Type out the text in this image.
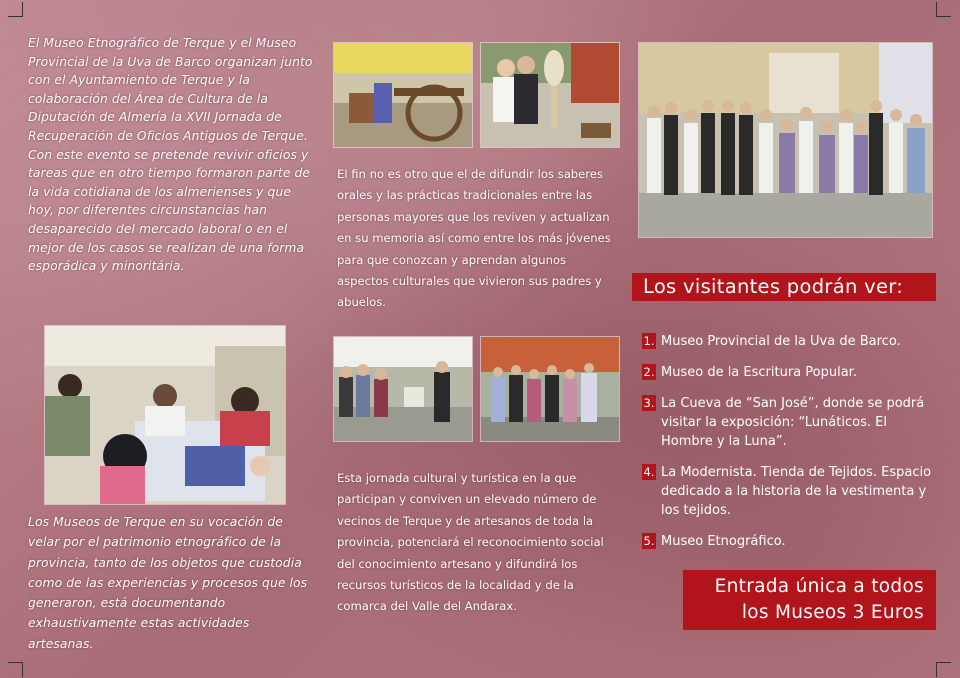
El Museo Etnográfico de Terque y el Museo Provincial de la Uva de Barco organizan junto con el Ayuntamiento de Terque y la colaboración del Área de Cultura de la Diputación de Almería la XVII Jornada de Recuperación de Oficios Antiguos de Terque.

Con este evento se pretende revivir oficios y tareas que en otro tiempo formaron parte de la vida cotidiana de los almerienses y que hoy, por diferentes circunstancias han desaparecido del mercado laboral o en el mejor de los casos se realizan de una forma esporádica y minoritária.

Los Museos de Terque en su vocación de velar por el patrimonio etnográfico de la provincia, tanto de los objetos que custodia como de las experiencias y procesos que los generaron, está documentando exhaustivamente estas actividades artesanas.

El fin no es otro que el de difundir los saberes orales y las prácticas tradicionales entre las personas mayores que los reviven y actualizan en su memoria así como entre los más jóvenes para que conozcan y aprendan algunos aspectos culturales que vivieron sus padres y abuelos.
Esta jornada cultural y turística en la que participan y conviven un elevado número de vecinos de Terque y de artesanos de toda la provincia, potenciará el reconocimiento social del conocimiento artesano y difundirá los recursos turísticos de la localidad y de la comarca del Valle del Andarax.
Los visitantes podrán ver:
1. Museo Provincial de la Uva de Barco.
2. Museo de la Escritura Popular.
3. La Cueva de “San José”, donde se podrá visitar la exposición: “Lunáticos. El Hombre y la Luna”.
4. La Modernista. Tienda de Tejidos. Espacio dedicado a la historia de la vestimenta y los tejidos.
5. Museo Etnográfico.
Entrada única a todos
los Museos 3 Euros
